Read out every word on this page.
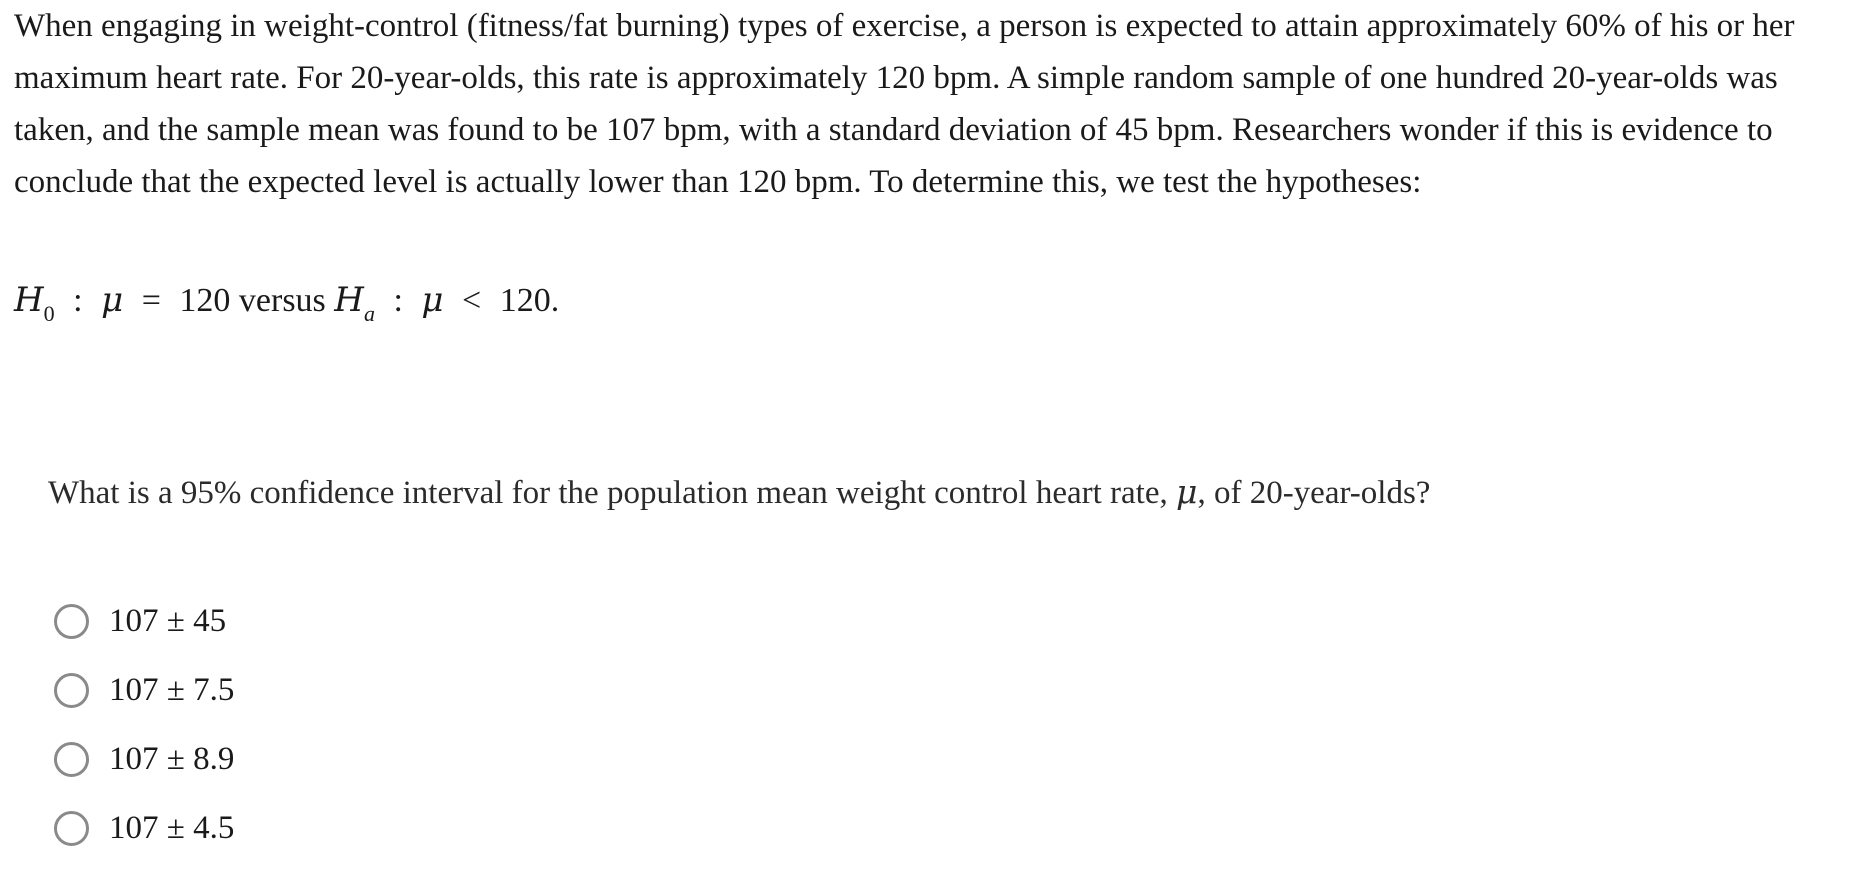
When engaging in weight-control (fitness/fat burning) types of exercise, a person is expected to attain approximately 60% of his or her maximum heart rate. For 20-year-olds, this rate is approximately 120 bpm. A simple random sample of one hundred 20-year-olds was taken, and the sample mean was found to be 107 bpm, with a standard deviation of 45 bpm. Researchers wonder if this is evidence to conclude that the expected level is actually lower than 120 bpm. To determine this, we test the hypotheses:

$H_0$ : μ = 120 versus $H_a$ : μ < 120.
What is a 95% confidence interval for the population mean weight control heart rate, μ, of 20-year-olds?
107 ± 45
107 ± 7.5
107 ± 8.9
107 ± 4.5
